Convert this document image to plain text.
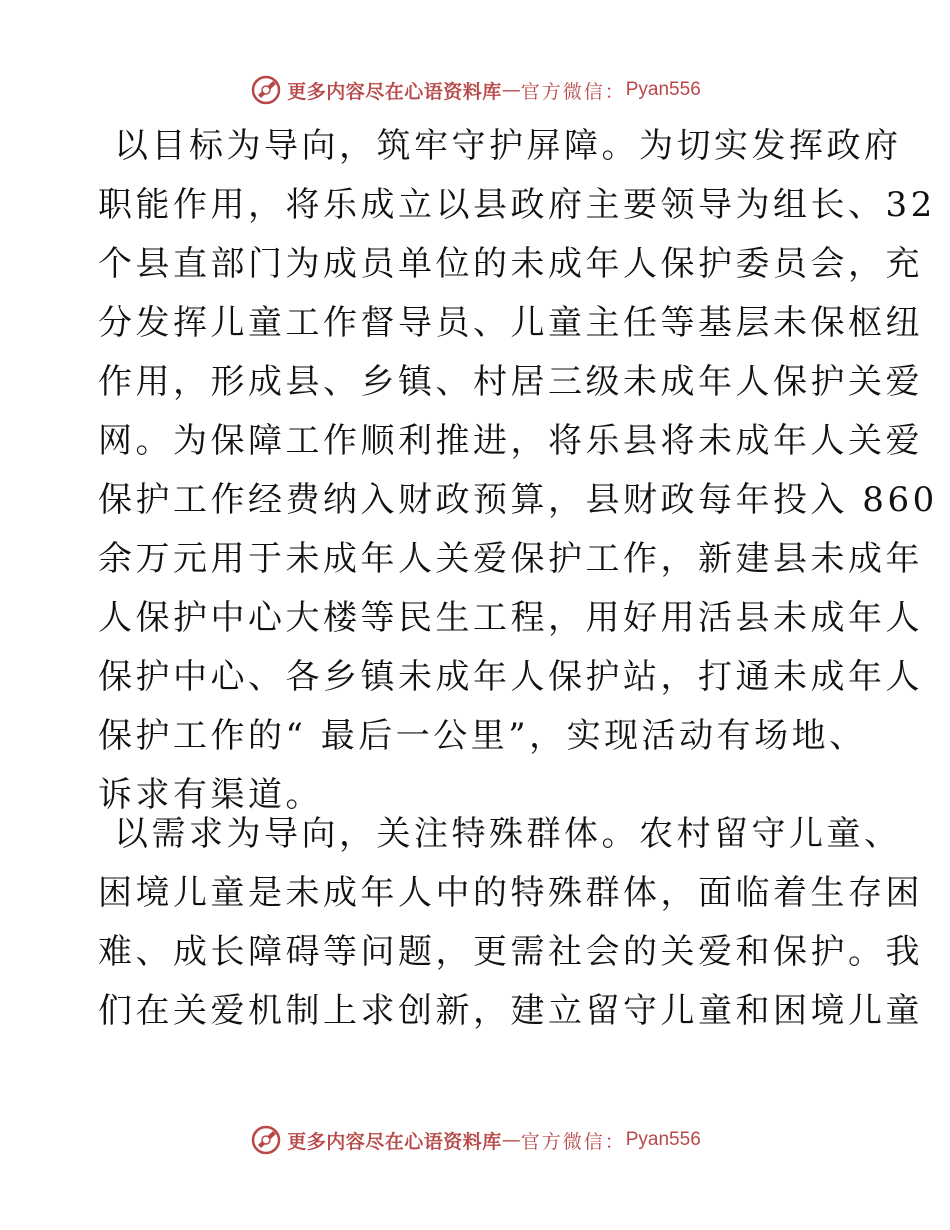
更多内容尽在心语资料库 — 官方微信： Pyan556
以目标为导向，筑牢守护屏障。为切实发挥政府
职能作用，将乐成立以县政府主要领导为组长、32
个县直部门为成员单位的未成年人保护委员会，充
分发挥儿童工作督导员、儿童主任等基层未保枢纽
作用，形成县、乡镇、村居三级未成年人保护关爱
网。为保障工作顺利推进，将乐县将未成年人关爱
保护工作经费纳入财政预算，县财政每年投入 860
余万元用于未成年人关爱保护工作，新建县未成年
人保护中心大楼等民生工程，用好用活县未成年人
保护中心、各乡镇未成年人保护站，打通未成年人
保护工作的“ 最后一公里”，实现活动有场地、
诉求有渠道。
以需求为导向，关注特殊群体。农村留守儿童、
困境儿童是未成年人中的特殊群体，面临着生存困
难、成长障碍等问题，更需社会的关爱和保护。我
们在关爱机制上求创新，建立留守儿童和困境儿童
更多内容尽在心语资料库 — 官方微信： Pyan556
